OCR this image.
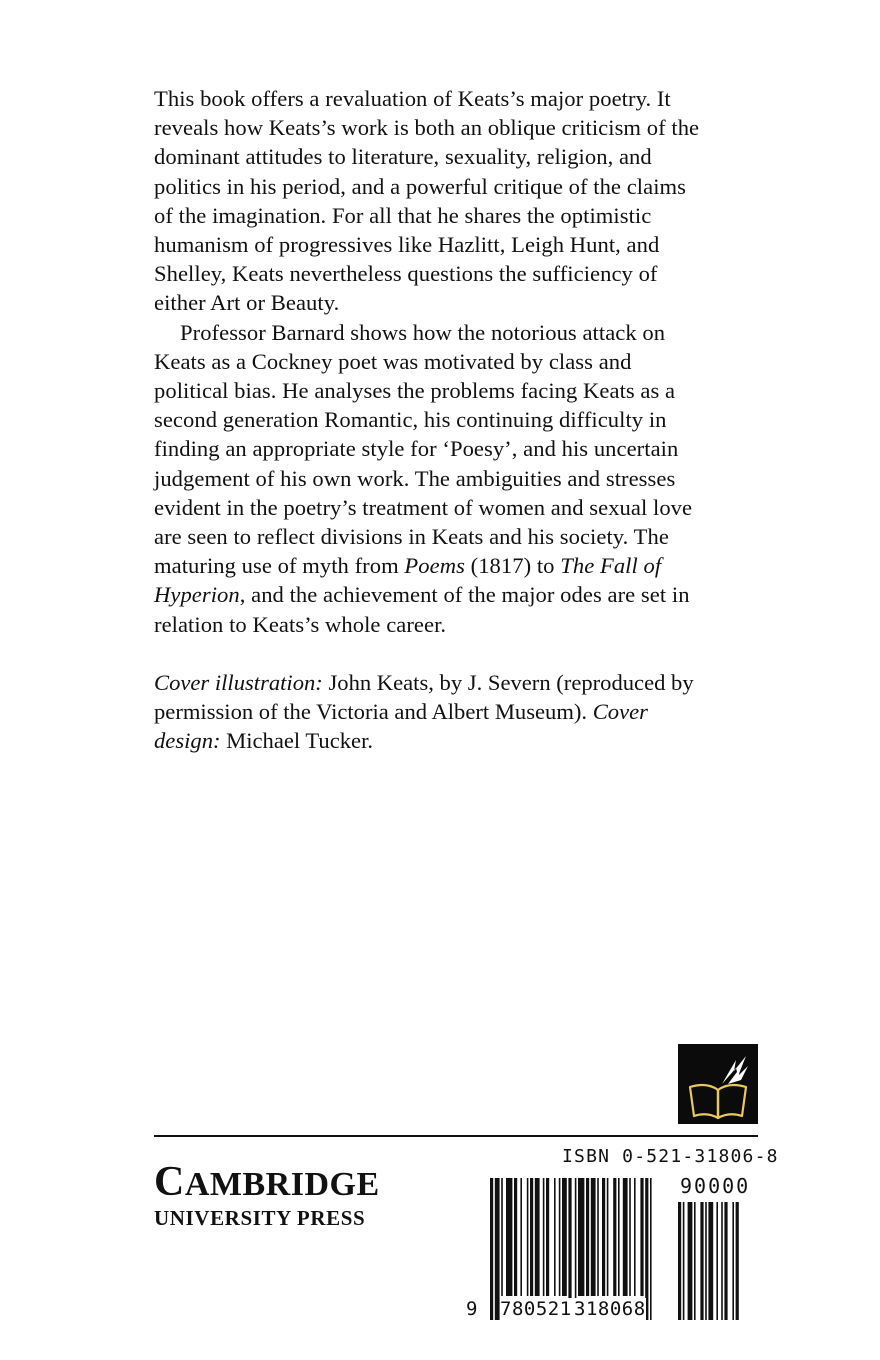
This book offers a revaluation of Keats’s major poetry. It
reveals how Keats’s work is both an oblique criticism of the
dominant attitudes to literature, sexuality, religion, and
politics in his period, and a powerful critique of the claims
of the imagination. For all that he shares the optimistic
humanism of progressives like Hazlitt, Leigh Hunt, and
Shelley, Keats nevertheless questions the sufficiency of
either Art or Beauty.

Professor Barnard shows how the notorious attack on
Keats as a Cockney poet was motivated by class and
political bias. He analyses the problems facing Keats as a
second generation Romantic, his continuing difficulty in
finding an appropriate style for ‘Poesy’, and his uncertain
judgement of his own work. The ambiguities and stresses
evident in the poetry’s treatment of women and sexual love
are seen to reflect divisions in Keats and his society. The
maturing use of myth from Poems (1817) to The Fall of
Hyperion, and the achievement of the major odes are set in
relation to Keats’s whole career.

Cover illustration: John Keats, by J. Severn (reproduced by
permission of the Victoria and Albert Museum). Cover
design: Michael Tucker.
CAMBRIDGE
UNIVERSITY PRESS
ISBN 0-521-31806-8
9 780521 318068
90000
